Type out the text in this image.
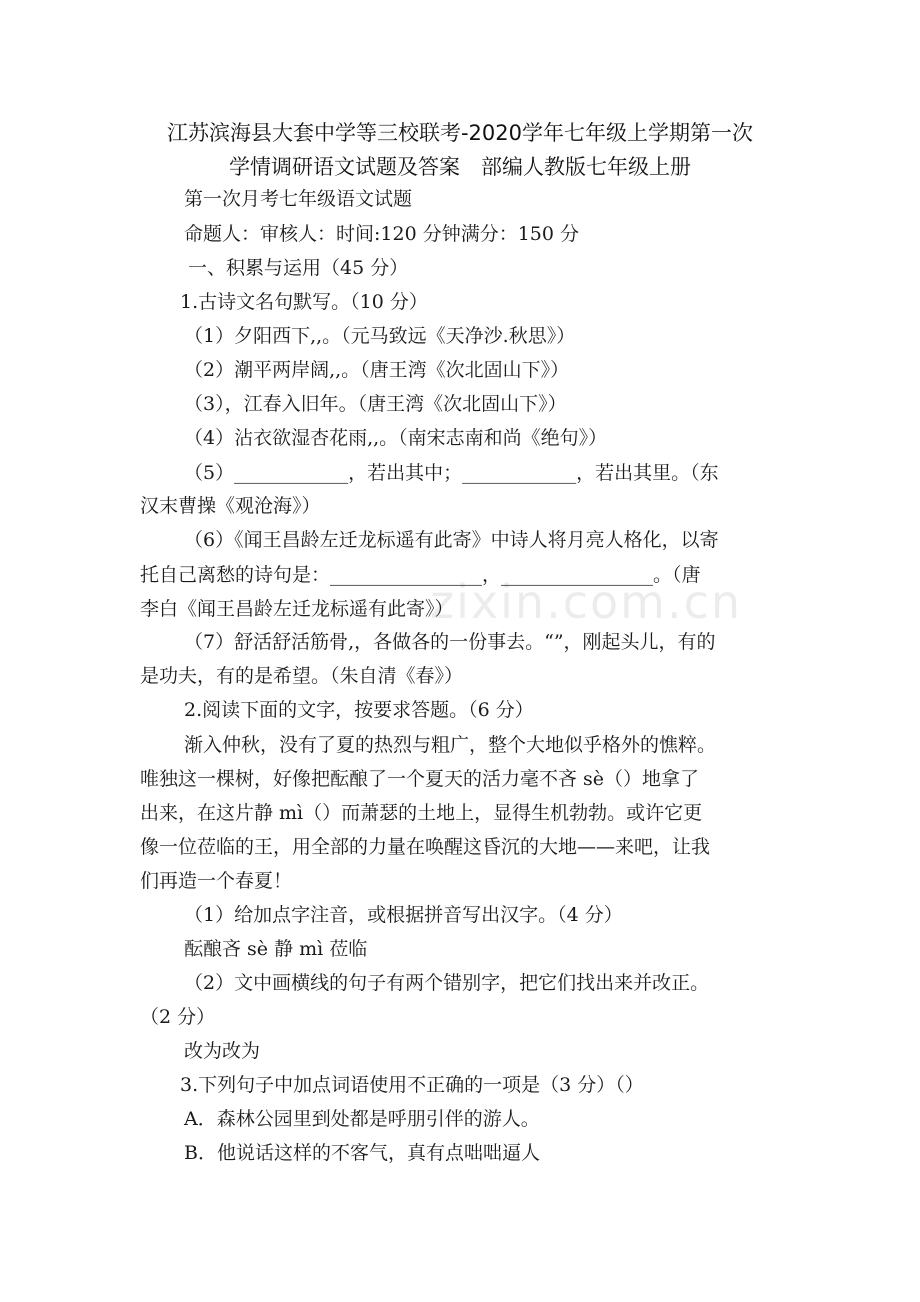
江苏滨海县大套中学等三校联考-2020学年七年级上学期第一次
学情调研语文试题及答案　部编人教版七年级上册
第一次月考七年级语文试题
命题人：审核人：时间:120 分钟满分：150 分
一、积累与运用（45 分）
1.古诗文名句默写。（10 分）
（1）夕阳西下,,。（元马致远《天净沙.秋思》）
（2）潮平两岸阔,,。（唐王湾《次北固山下》）
（3），江春入旧年。（唐王湾《次北固山下》）
（4）沾衣欲湿杏花雨,,。（南宋志南和尚《绝句》）
（5）____________，若出其中；____________，若出其里。（东
汉末曹操《观沧海》）
（6）《闻王昌龄左迁龙标遥有此寄》中诗人将月亮人格化，以寄
托自己离愁的诗句是：________________，________________。（唐
李白《闻王昌龄左迁龙标遥有此寄》）
（7）舒活舒活筋骨,，各做各的一份事去。“”，刚起头儿，有的
是功夫，有的是希望。（朱自清《春》）
2.阅读下面的文字，按要求答题。（6 分）
渐入仲秋，没有了夏的热烈与粗广，整个大地似乎格外的憔粹。
唯独这一棵树，好像把酝酿了一个夏天的活力毫不吝 sè（）地拿了
出来，在这片静 mì（）而萧瑟的土地上，显得生机勃勃。或许它更
像一位莅临的王，用全部的力量在唤醒这昏沉的大地——来吧，让我
们再造一个春夏！
（1）给加点字注音，或根据拼音写出汉字。（4 分）
酝酿吝 sè 静 mì 莅临
（2）文中画横线的句子有两个错别字，把它们找出来并改正。
（2 分）
改为改为
3.下列句子中加点词语使用不正确的一项是（3 分）（）
A．森林公园里到处都是呼朋引伴的游人。
B．他说话这样的不客气，真有点咄咄逼人
zixin.com.cn
